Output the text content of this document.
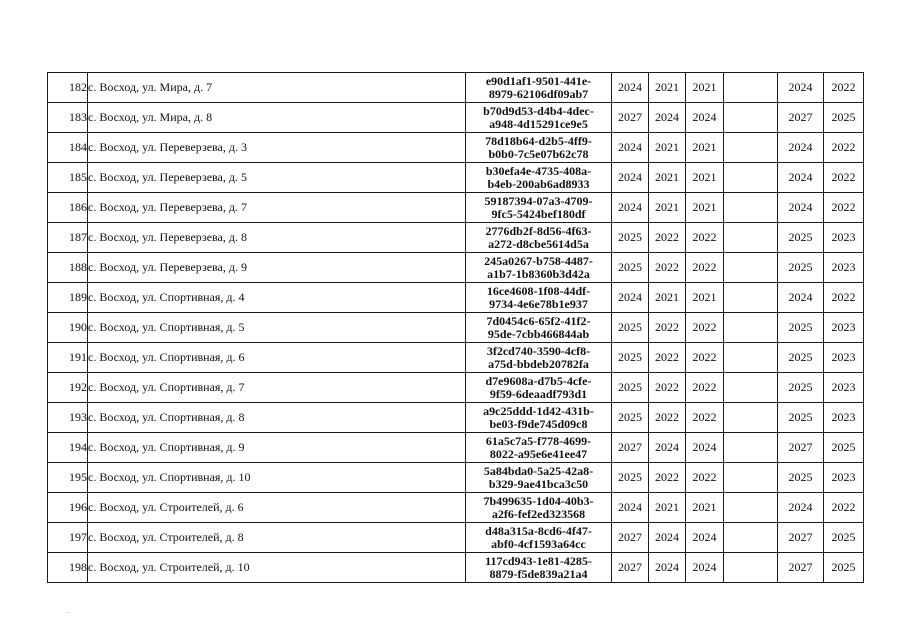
182	с. Восход, ул. Мира, д. 7	e90d1af1-9501-441e-
8979-62106df09ab7	2024	2021	2021		2024	2022
183	с. Восход, ул. Мира, д. 8	b70d9d53-d4b4-4dec-
a948-4d15291ce9e5	2027	2024	2024		2027	2025
184	с. Восход, ул. Переверзева, д. 3	78d18b64-d2b5-4ff9-
b0b0-7c5e07b62c78	2024	2021	2021		2024	2022
185	с. Восход, ул. Переверзева, д. 5	b30efa4e-4735-408a-
b4eb-200ab6ad8933	2024	2021	2021		2024	2022
186	с. Восход, ул. Переверзева, д. 7	59187394-07a3-4709-
9fc5-5424bef180df	2024	2021	2021		2024	2022
187	с. Восход, ул. Переверзева, д. 8	2776db2f-8d56-4f63-
a272-d8cbe5614d5a	2025	2022	2022		2025	2023
188	с. Восход, ул. Переверзева, д. 9	245a0267-b758-4487-
a1b7-1b8360b3d42a	2025	2022	2022		2025	2023
189	с. Восход, ул. Спортивная, д. 4	16ce4608-1f08-44df-
9734-4e6e78b1e937	2024	2021	2021		2024	2022
190	с. Восход, ул. Спортивная, д. 5	7d0454c6-65f2-41f2-
95de-7cbb466844ab	2025	2022	2022		2025	2023
191	с. Восход, ул. Спортивная, д. 6	3f2cd740-3590-4cf8-
a75d-bbdeb20782fa	2025	2022	2022		2025	2023
192	с. Восход, ул. Спортивная, д. 7	d7e9608a-d7b5-4cfe-
9f59-6deaadf793d1	2025	2022	2022		2025	2023
193	с. Восход, ул. Спортивная, д. 8	a9c25ddd-1d42-431b-
be03-f9de745d09c8	2025	2022	2022		2025	2023
194	с. Восход, ул. Спортивная, д. 9	61a5c7a5-f778-4699-
8022-a95e6e41ee47	2027	2024	2024		2027	2025
195	с. Восход, ул. Спортивная, д. 10	5a84bda0-5a25-42a8-
b329-9ae41bca3c50	2025	2022	2022		2025	2023
196	с. Восход, ул. Строителей, д. 6	7b499635-1d04-40b3-
a2f6-fef2ed323568	2024	2021	2021		2024	2022
197	с. Восход, ул. Строителей, д. 8	d48a315a-8cd6-4f47-
abf0-4cf1593a64cc	2027	2024	2024		2027	2025
198	с. Восход, ул. Строителей, д. 10	117cd943-1e81-4285-
8879-f5de839a21a4	2027	2024	2024		2027	2025
